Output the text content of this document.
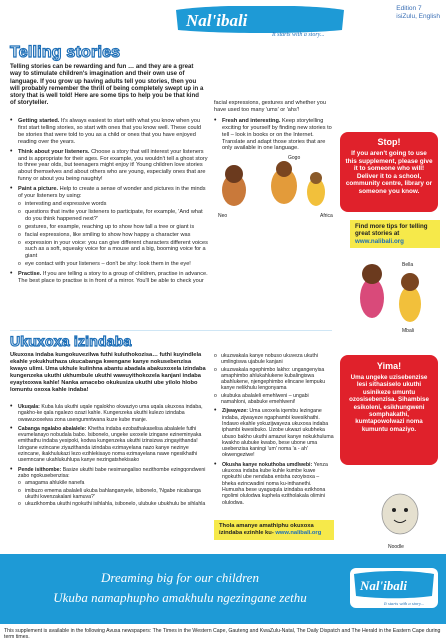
Nal'ibali
It starts with a story...
Edition 7
isiZulu, English
Telling stories
Telling stories can be rewarding and fun … and they are a great way to stimulate children's imagination and their own use of language. If you grow up having adults tell you stories, then you will probably remember the thrill of being completely swept up in a story that is well told! Here are some tips to help you be that kind of storyteller.
• Getting started. It's always easiest to start with what you know when you first start telling stories, so start with ones that you know well. These could be stories that were told to you as a child or ones that you have enjoyed reading over the years.
• Think about your listeners. Choose a story that will interest your listeners and is appropriate for their ages. For example, you wouldn't tell a ghost story to three year olds, but teenagers might enjoy it! Young children love stories about themselves and about others who are young, especially ones that are funny or about you being naughty!
• Paint a picture. Help to create a sense of wonder and pictures in the minds of your listeners by using:
o interesting and expressive words
o questions that invite your listeners to participate, for example, 'And what do you think happened next?'
o gestures, for example, reaching up to show how tall a tree or giant is
o facial expressions, like smiling to show how happy a character was
o expression in your voice: you can give different characters different voices such as a soft, squeaky voice for a mouse and a big, booming voice for a giant
o eye contact with your listeners – don't be shy: look them in the eye!
• Practise. If you are telling a story to a group of children, practise in advance. The best place to practise is in front of a mirror. You'll be able to check your
facial expressions, gestures and whether you have used too many 'ums' or 'ahs'!
• Fresh and interesting. Keep storytelling exciting for yourself by finding new stories to tell – look in books or on the Internet. Translate and adapt those stories that are only available in one language.
Neo
Gogo
Africa
Stop!
If you aren't going to use this supplement, please give it to someone who will! Deliver it to a school, community centre, library or someone you know.
Find more tips for telling great stories at
www.nalibali.org
Bella
Mbali
Ukuxoxa izindaba
Ukuxoxa indaba kungokuvezilwa futhi kuluthokozisa… futhi kuyindlela ekahle yokukhuthaza ukucabanga kwengane kanye nokusebenzisa kwayo ulimi. Uma ukhule kulinhna abantu abadala abakuxoxela izindaba kungenzeka ukuthi ukhumbule ukuthi wawuyithokozela kanjani indaba eyayixoxwa kahle! Nanka amacebo okukusiza ukuthi ube yilolo hlobo lomuntu oxoxa kahle indaba!
• Ukuqala: Kuba lula ukuthi uqale ngalokho okwaziyo uma uqala ukuxoxa indaba, ngakho-ke qala ngalezo ozazi kahle. Kungenzeka ukuthi kulezo izindaba owawuxoxelwa zona usengumntwana kuze kube manje.
• Cabanga ngalabo abalalele: Khetha indaba ezobathakaselisa abalalele futhi evumelanayo nobudala babo. Isibonelo, ungeke uxoxele izingane ezineminyaka emithathu indaba yesipoki, kodwa kungenzeka ukuthi izinsizwa zingayithanda! Izingane ezincane ziyazithanda izindaba ezimayelana nazo kanye nezinye ezincane, ikakhulukazi lezo ezihlekisayo noma ezimayelana nawe ngesikhathi usemncane ukahlukuhlupa kanye nezingatshekisako
• Pende isithombe: Basize ukuthi babe nesimangaliso nezithombe ezingqondweni zabo ngokusebenzisa:
o amagama ahlukile nanefa
o imibuzo emema abalaleli ukuba bahlanganyele, isibonelo, 'Ngabe nicabanga ukuthi kwenzakalani kamuva?'
o ukuzikhomba ukuthi ngokuthi isihlahla, isibonelo, ulubuke ubukhulu be sihlahla
o ukuzwakala kanye nobuso ukuveza ukuthi umlingiswa ujabule kanjani
o ukuzwakala ngephimbo lakho: ungangenyisa amaphimbo ahlukahlukene kubalingiswa abahlukene, njengephimbo elincane lempuku kanye nelikhulu lengonyama
o ukubuka abalaleli emehlweni – ungabi namahloni, ababuke emehlweni!
• Zijwayeze: Uma uxoxela iqembu lezingane indaba, zijwayeze ngaphambi kwesikhathi. Indawo ekahle yokuzijwayeza ukuxoxa indaba iphambi kwesibuko. Uzobe ukwazi ukubheka ubuso bakho ukuthi amazwi kanye nokukhuluma kwakho alubuke kwabo, bese ubone uma usebenzisa kaningi 'um' noma 'a - ah' okwengeziwe!
• Okusha kanye nokuthoba umdlwebi: Yenza ukuxoxa indaba kube kuhle kumbe kuwe ngokuthi ube nendaba entsha ozoyixoxa – bheka ezincwadini noma ku-inthanethi. Humusha bese uyaguqula izindaba ezikhona ngolimi olulodwa kuphela ezitholakala olimini olulodwa.
Yima!
Uma ungeke uzisebenzise lesi sithasiselo ukuthi usinikeze umuntu ozosisebenzisa. Sihambise esikoleni, esikhungweni somphakathi, kumtapowolwazi noma kumuntu omaziyo.
Thola amanye amathiphu okuxoxa izindaba ezinhle ku- www.nalibali.org
Noodle
Dreaming big for our children
Ukuba namaphupho amakhulu ngezingane zethu
Nal'ibali
It starts with a story...
This supplement is available in the following Avusa newspapers: The Times in the Western Cape, Gauteng and KwaZulu-Natal, The Daily Dispatch and The Herald in the Eastern Cape during term times.
